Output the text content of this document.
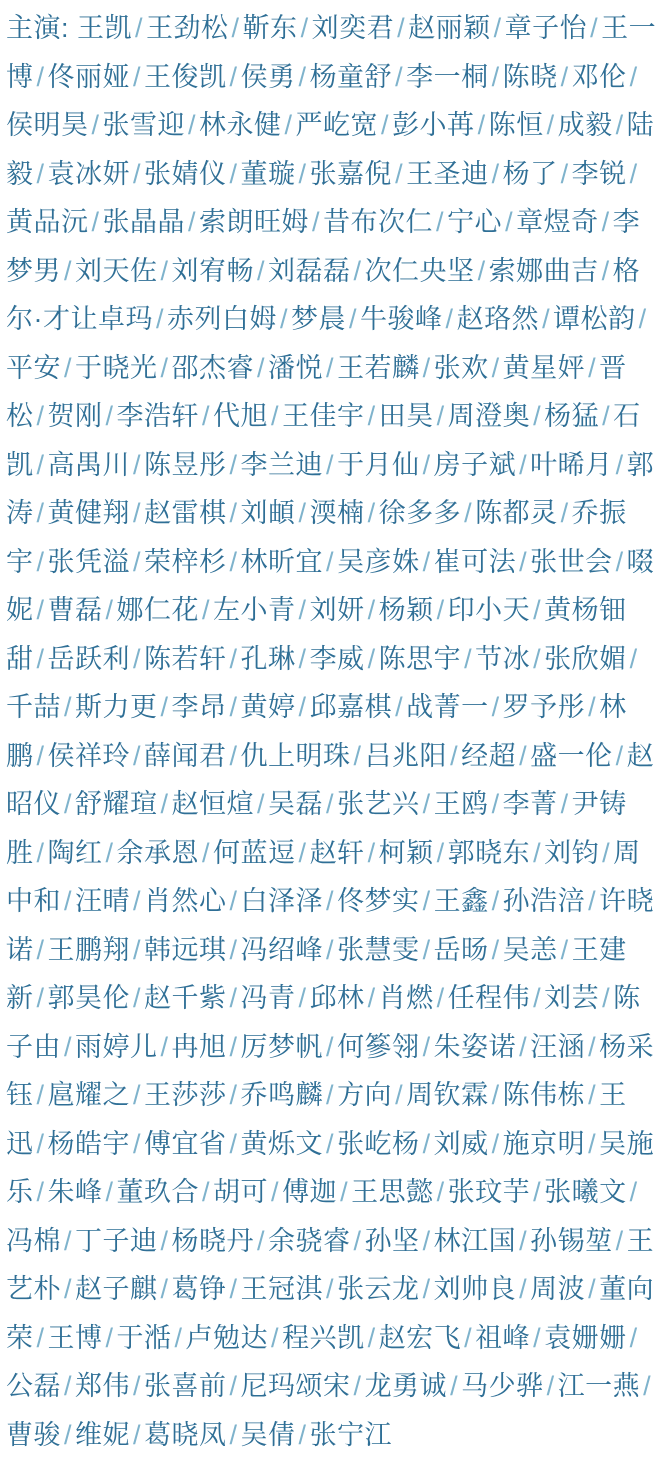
主演: 王凯 / 王劲松 / 靳东 / 刘奕君 / 赵丽颖 / 章子怡 / 王一博 / 佟丽娅 / 王俊凯 / 侯勇 / 杨童舒 / 李一桐 / 陈晓 / 邓伦 /侯明昊 / 张雪迎 / 林永健 / 严屹宽 / 彭小苒 / 陈恒 / 成毅 / 陆毅 / 袁冰妍 / 张婧仪 / 董璇 / 张嘉倪 / 王圣迪 / 杨了 / 李锐 /黄品沅 / 张晶晶 / 索朗旺姆 / 昔布次仁 / 宁心 / 章煜奇 / 李梦男 / 刘天佐 / 刘宥畅 / 刘磊磊 / 次仁央坚 / 索娜曲吉 / 格尔·才让卓玛 / 赤列白姆 / 梦晨 / 牛骏峰 / 赵珞然 / 谭松韵 /平安 / 于晓光 / 邵杰睿 / 潘悦 / 王若麟 / 张欢 / 黄星㛁 / 晋松 / 贺刚 / 李浩轩 / 代旭 / 王佳宇 / 田昊 / 周澄奥 / 杨猛 / 石凯 / 高禺川 / 陈昱彤 / 李兰迪 / 于月仙 / 房子斌 / 叶晞月 / 郭涛 / 黄健翔 / 赵雷棋 / 刘頔 / 渜楠 / 徐多多 / 陈都灵 / 乔振宇 / 张凭溢 / 荣梓杉 / 林昕宜 / 吴彦姝 / 崔可法 / 张世会 / 啜妮 / 曹磊 / 娜仁花 / 左小青 / 刘妍 / 杨颖 / 印小天 / 黄杨钿甜 / 岳跃利 / 陈若轩 / 孔琳 / 李威 / 陈思宇 / 节冰 / 张欣媚 /千喆 / 斯力更 / 李昂 / 黄婷 / 邱嘉棋 / 战菁一 / 罗予彤 / 林鹏 / 侯祥玲 / 薛闻君 / 仇上明珠 / 吕兆阳 / 经超 / 盛一伦 / 赵昭仪 / 舒耀瑄 / 赵恒煊 / 吴磊 / 张艺兴 / 王鸥 / 李菁 / 尹铸胜 / 陶红 / 余承恩 / 何蓝逗 / 赵轩 / 柯颖 / 郭晓东 / 刘钧 / 周中和 / 汪晴 / 肖然心 / 白泽泽 / 佟梦实 / 王鑫 / 孙浩涪 / 许晓诺 / 王鹏翔 / 韩远琪 / 冯绍峰 / 张慧雯 / 岳旸 / 吴恙 / 王建新 / 郭昊伦 / 赵千紫 / 冯青 / 邱林 / 肖燃 / 任程伟 / 刘芸 / 陈子由 / 雨婷儿 / 冉旭 / 厉梦帆 / 何篸翎 / 朱姿诺 / 汪涵 / 杨采钰 / 扈耀之 / 王莎莎 / 乔鸣麟 / 方向 / 周钦霖 / 陈伟栋 / 王迅 / 杨皓宇 / 傅宜省 / 黄烁文 / 张屹杨 / 刘威 / 施京明 / 吴施乐 / 朱峰 / 董玖合 / 胡可 / 傅迦 / 王思懿 / 张玟芋 / 张曦文 /冯棉 / 丁子迪 / 杨晓丹 / 余骁睿 / 孙坚 / 林江国 / 孙锡堃 / 王艺朴 / 赵子麒 / 葛铮 / 王冠淇 / 张云龙 / 刘帅良 / 周波 / 董向荣 / 王博 / 于湉 / 卢勉达 / 程兴凯 / 赵宏飞 / 祖峰 / 袁姗姗 /公磊 / 郑伟 / 张喜前 / 尼玛颂宋 / 龙勇诚 / 马少骅 / 江一燕 /曹骏 / 维妮 / 葛晓凤 / 吴倩 / 张宁江
